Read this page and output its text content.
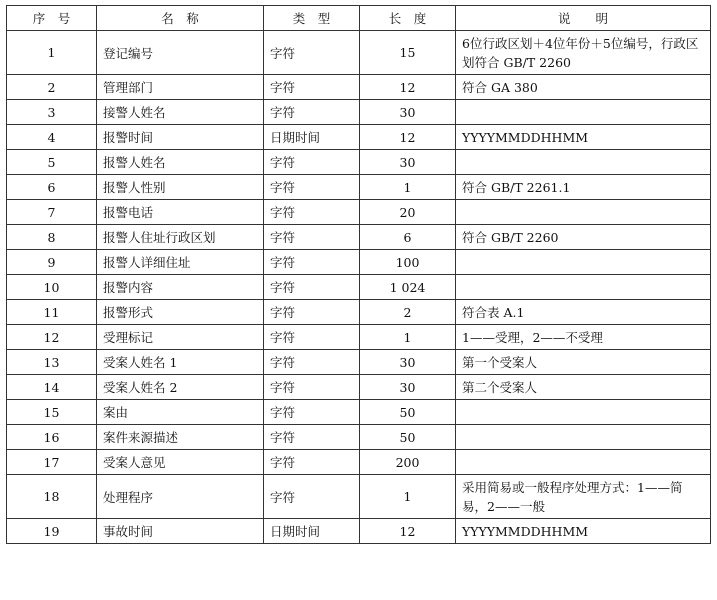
序　号	名　称	类　型	长　度	说　　明
1	登记编号	字符	15	6位行政区划＋4位年份＋5位编号，行政区划符合 GB/T 2260
2	管理部门	字符	12	符合 GA 380
3	接警人姓名	字符	30	
4	报警时间	日期时间	12	YYYYMMDDHHMM
5	报警人姓名	字符	30	
6	报警人性别	字符	1	符合 GB/T 2261.1
7	报警电话	字符	20	
8	报警人住址行政区划	字符	6	符合 GB/T 2260
9	报警人详细住址	字符	100	
10	报警内容	字符	1 024	
11	报警形式	字符	2	符合表 A.1
12	受理标记	字符	1	1——受理，2——不受理
13	受案人姓名 1	字符	30	第一个受案人
14	受案人姓名 2	字符	30	第二个受案人
15	案由	字符	50	
16	案件来源描述	字符	50	
17	受案人意见	字符	200	
18	处理程序	字符	1	采用简易或一般程序处理方式：1——简易，2——一般
19	事故时间	日期时间	12	YYYYMMDDHHMM
